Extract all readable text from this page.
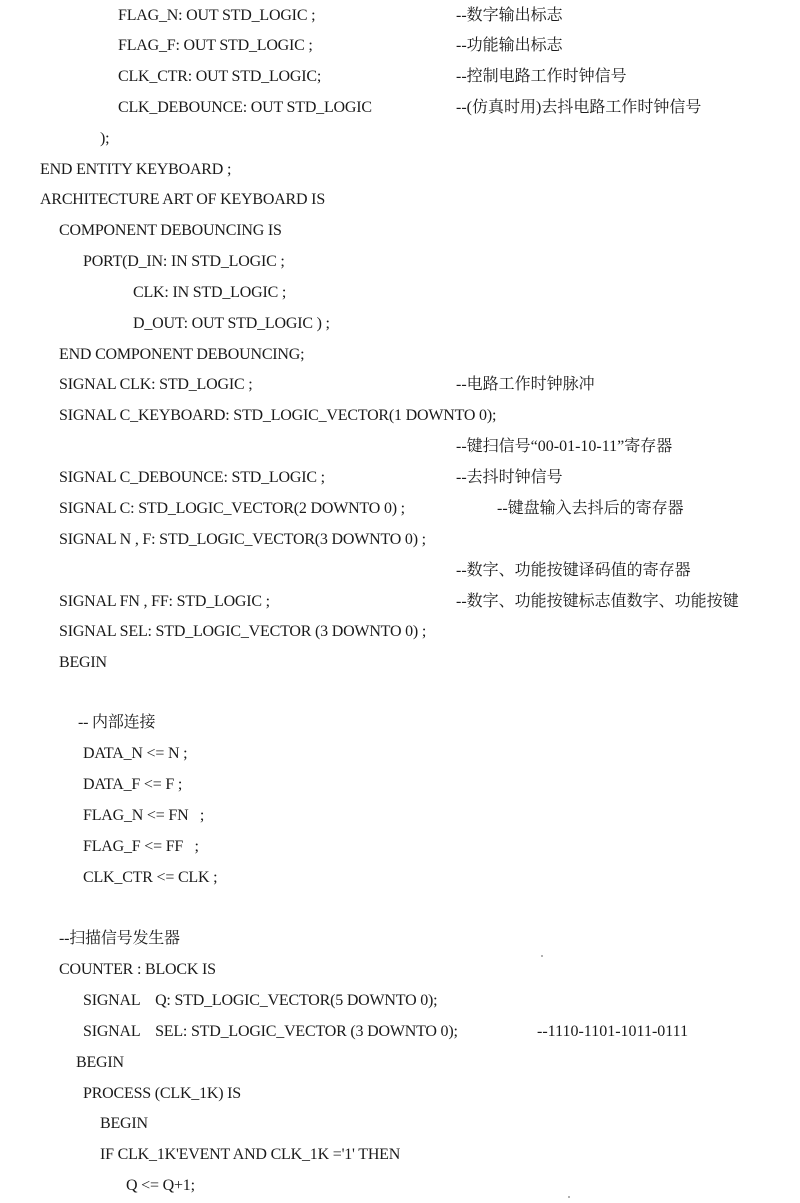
FLAG_N: OUT STD_LOGIC ;	--数字输出标志
FLAG_F: OUT STD_LOGIC ;	--功能输出标志
CLK_CTR: OUT STD_LOGIC;	--控制电路工作时钟信号
CLK_DEBOUNCE: OUT STD_LOGIC	--(仿真时用)去抖电路工作时钟信号
);
END ENTITY KEYBOARD ;
ARCHITECTURE ART OF KEYBOARD IS
COMPONENT DEBOUNCING IS
PORT(D_IN: IN STD_LOGIC ;
CLK: IN STD_LOGIC ;
D_OUT: OUT STD_LOGIC ) ;
END COMPONENT DEBOUNCING;
SIGNAL CLK: STD_LOGIC ;	--电路工作时钟脉冲
SIGNAL C_KEYBOARD: STD_LOGIC_VECTOR(1 DOWNTO 0);
--键扫信号“00-01-10-11”寄存器
SIGNAL C_DEBOUNCE: STD_LOGIC ;	--去抖时钟信号
SIGNAL C: STD_LOGIC_VECTOR(2 DOWNTO 0) ;	--键盘输入去抖后的寄存器
SIGNAL N , F: STD_LOGIC_VECTOR(3 DOWNTO 0) ;
--数字、功能按键译码值的寄存器
SIGNAL FN , FF: STD_LOGIC ;	--数字、功能按键标志值数字、功能按键
SIGNAL SEL: STD_LOGIC_VECTOR (3 DOWNTO 0) ;
BEGIN
-- 内部连接
DATA_N <= N ;
DATA_F <= F ;
FLAG_N <= FN   ;
FLAG_F <= FF   ;
CLK_CTR <= CLK ;
--扫描信号发生器
COUNTER : BLOCK IS
SIGNAL    Q: STD_LOGIC_VECTOR(5 DOWNTO 0);
SIGNAL    SEL: STD_LOGIC_VECTOR (3 DOWNTO 0);	--1110-1101-1011-0111
BEGIN
PROCESS (CLK_1K) IS
BEGIN
IF CLK_1K'EVENT AND CLK_1K ='1' THEN
Q <= Q+1;
